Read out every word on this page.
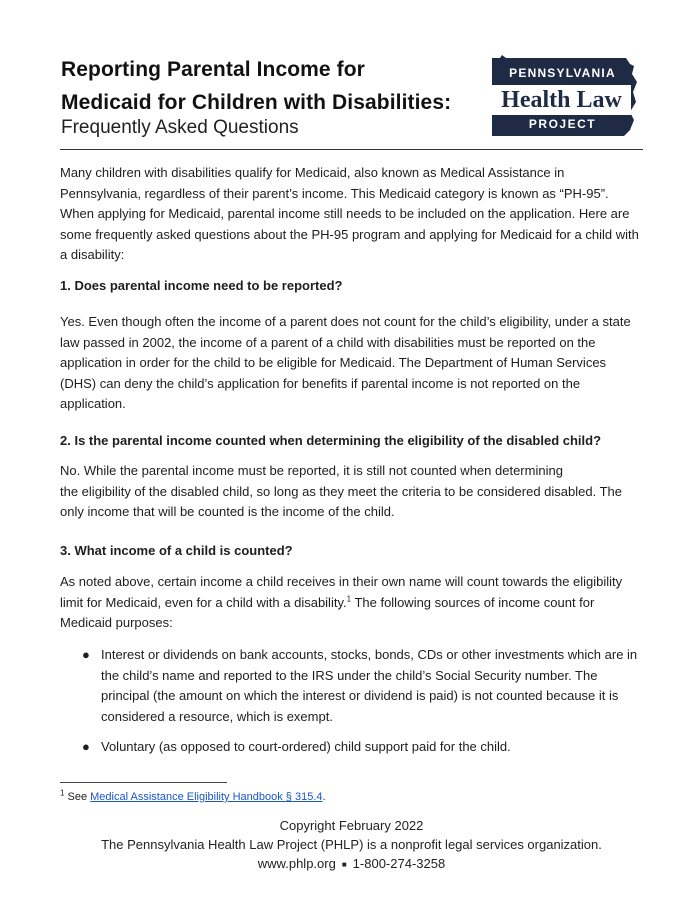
Reporting Parental Income for
Medicaid for Children with Disabilities:
Frequently Asked Questions
PENNSYLVANIA
Health Law
PROJECT

Many children with disabilities qualify for Medicaid, also known as Medical Assistance in Pennsylvania, regardless of their parent’s income. This Medicaid category is known as “PH-95”. When applying for Medicaid, parental income still needs to be included on the application. Here are some frequently asked questions about the PH-95 program and applying for Medicaid for a child with a disability:

1. Does parental income need to be reported?

Yes. Even though often the income of a parent does not count for the child’s eligibility, under a state law passed in 2002, the income of a parent of a child with disabilities must be reported on the application in order for the child to be eligible for Medicaid. The Department of Human Services (DHS) can deny the child’s application for benefits if parental income is not reported on the application.

2. Is the parental income counted when determining the eligibility of the disabled child?
No. While the parental income must be reported, it is still not counted when determining
the eligibility of the disabled child, so long as they meet the criteria to be considered disabled. The only income that will be counted is the income of the child.
3. What income of a child is counted?

As noted above, certain income a child receives in their own name will count towards the eligibility limit for Medicaid, even for a child with a disability.$^1$ The following sources of income count for Medicaid purposes:

● Interest or dividends on bank accounts, stocks, bonds, CDs or other investments which are in the child’s name and reported to the IRS under the child’s Social Security number. The principal (the amount on which the interest or dividend is paid) is not counted because it is considered a resource, which is exempt.
● Voluntary (as opposed to court-ordered) child support paid for the child.
$^1$ See Medical Assistance Eligibility Handbook § 315.4.
Copyright February 2022
The Pennsylvania Health Law Project (PHLP) is a nonprofit legal services organization.
www.phlp.org ■ 1-800-274-3258
